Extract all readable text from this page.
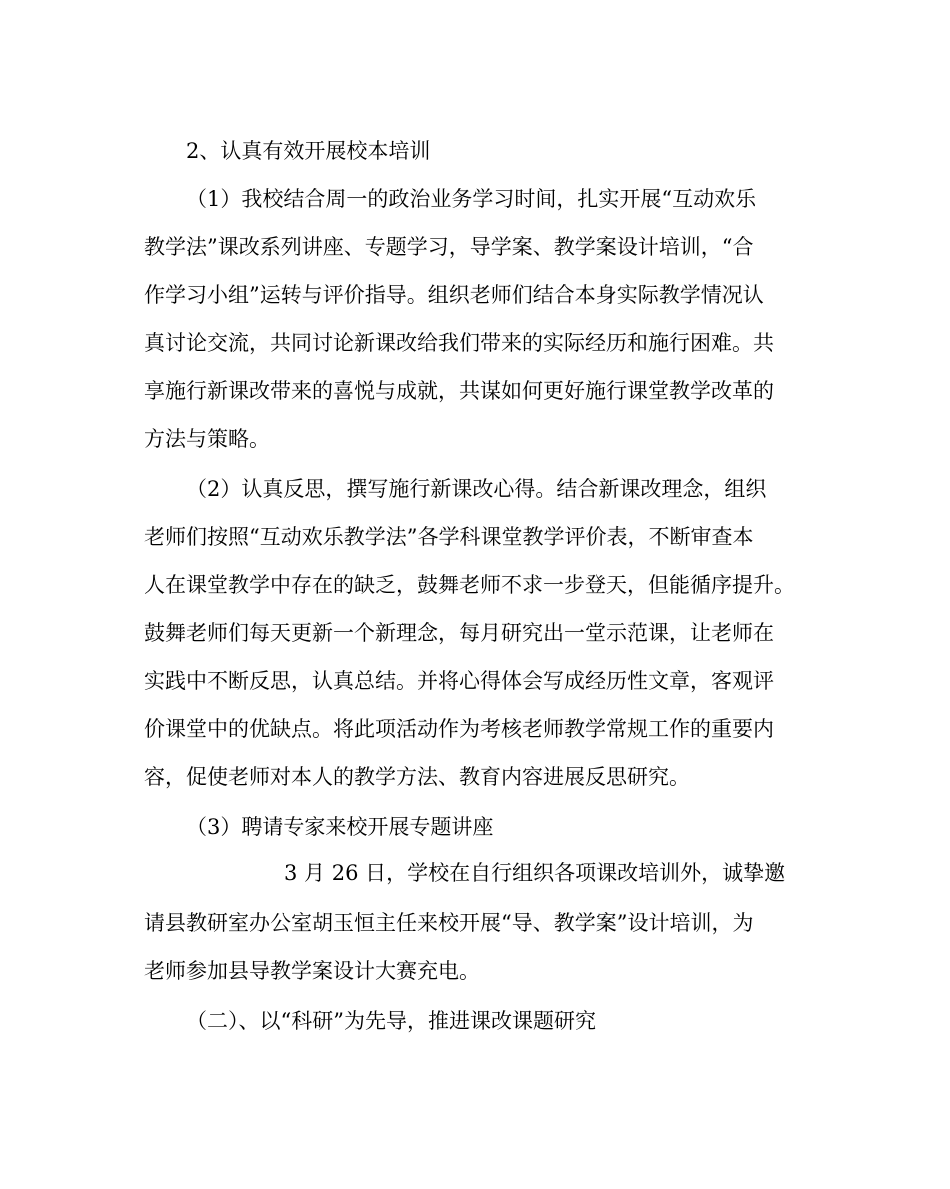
2、认真有效开展校本培训
（1）我校结合周一的政治业务学习时间，扎实开展“互动欢乐
教学法”课改系列讲座、专题学习，导学案、教学案设计培训，“合
作学习小组”运转与评价指导。组织老师们结合本身实际教学情况认
真讨论交流，共同讨论新课改给我们带来的实际经历和施行困难。共
享施行新课改带来的喜悦与成就，共谋如何更好施行课堂教学改革的
方法与策略。
（2）认真反思，撰写施行新课改心得。结合新课改理念，组织
老师们按照“互动欢乐教学法”各学科课堂教学评价表，不断审查本
人在课堂教学中存在的缺乏，鼓舞老师不求一步登天，但能循序提升。
鼓舞老师们每天更新一个新理念，每月研究出一堂示范课，让老师在
实践中不断反思，认真总结。并将心得体会写成经历性文章，客观评
价课堂中的优缺点。将此项活动作为考核老师教学常规工作的重要内
容，促使老师对本人的教学方法、教育内容进展反思研究。
（3）聘请专家来校开展专题讲座
3 月 26 日，学校在自行组织各项课改培训外，诚挚邀
请县教研室办公室胡玉恒主任来校开展“导、教学案”设计培训，为
老师参加县导教学案设计大赛充电。
（二）、以“科研”为先导，推进课改课题研究
